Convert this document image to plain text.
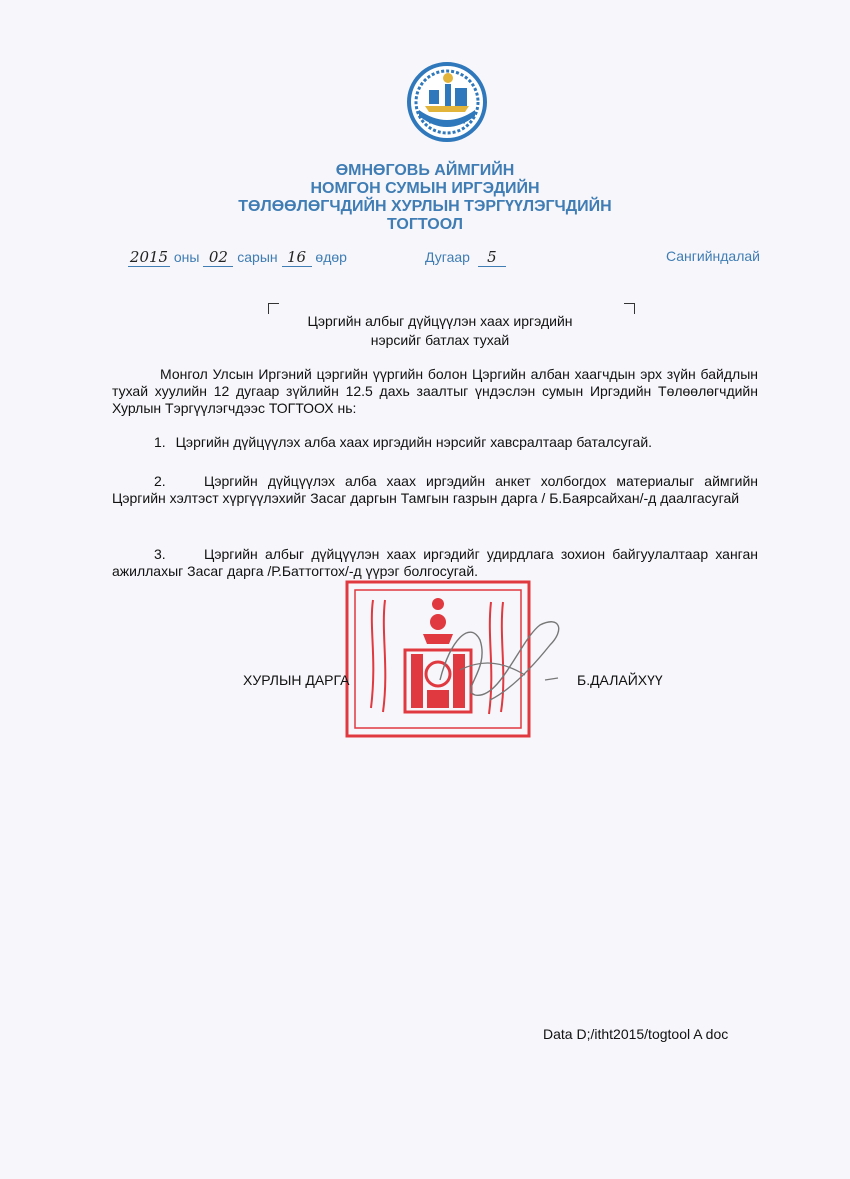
ӨМНӨГОВЬ АЙМГИЙН
НОМГОН СУМЫН ИРГЭДИЙН
ТӨЛӨӨЛӨГЧДИЙН ХУРЛЫН ТЭРГҮҮЛЭГЧДИЙН
ТОГТООЛ
2015 оны 02 сарын 16 өдөр	Дугаар 5	Сангийндалай
Цэргийн албыг дүйцүүлэн хаах иргэдийн
нэрсийг батлах тухай
Монгол Улсын Иргэний цэргийн үүргийн болон Цэргийн албан хаагчдын эрх зүйн байдлын тухай хуулийн 12 дугаар зүйлийн 12.5 дахь заалтыг үндэслэн сумын Иргэдийн Төлөөлөгчдийн Хурлын Тэргүүлэгчдээс ТОГТООХ нь:
1. Цэргийн дүйцүүлэх алба хаах иргэдийн нэрсийг хавсралтаар баталсугай.
2.	Цэргийн дүйцүүлэх алба хаах иргэдийн анкет холбогдох материалыг аймгийн Цэргийн хэлтэст хүргүүлэхийг Засаг даргын Тамгын газрын дарга / Б.Баярсайхан/-д даалгасугай
3.	Цэргийн албыг дүйцүүлэн хаах иргэдийг удирдлага зохион байгуулалтаар ханган ажиллахыг Засаг дарга /Р.Баттогтох/-д үүрэг болгосугай.
ХУРЛЫН ДАРГА	Б.ДАЛАЙХҮҮ
Data D;/itht2015/togtool A doc
